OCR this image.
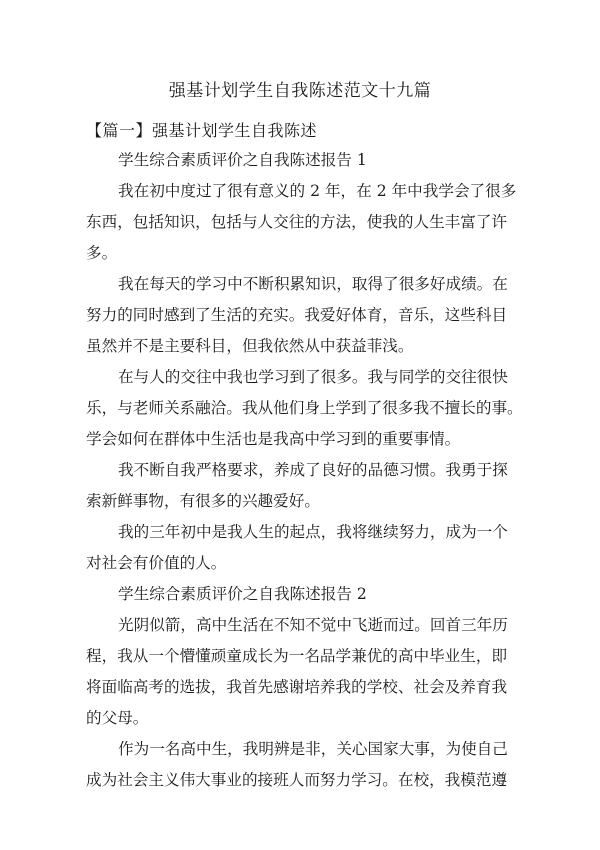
强基计划学生自我陈述范文十九篇
【篇一】强基计划学生自我陈述

学生综合素质评价之自我陈述报告 1

我在初中度过了很有意义的 2 年，在 2 年中我学会了很多

东西，包括知识，包括与人交往的方法，使我的人生丰富了许

多。

我在每天的学习中不断积累知识，取得了很多好成绩。在

努力的同时感到了生活的充实。我爱好体育，音乐，这些科目

虽然并不是主要科目，但我依然从中获益菲浅。

在与人的交往中我也学习到了很多。我与同学的交往很快

乐，与老师关系融洽。我从他们身上学到了很多我不擅长的事。

学会如何在群体中生活也是我高中学习到的重要事情。

我不断自我严格要求，养成了良好的品德习惯。我勇于探

索新鲜事物，有很多的兴趣爱好。

我的三年初中是我人生的起点，我将继续努力，成为一个

对社会有价值的人。

学生综合素质评价之自我陈述报告 2

光阴似箭，高中生活在不知不觉中飞逝而过。回首三年历

程，我从一个懵懂顽童成长为一名品学兼优的高中毕业生，即

将面临高考的选拔，我首先感谢培养我的学校、社会及养育我

的父母。

作为一名高中生，我明辨是非，关心国家大事，为使自己

成为社会主义伟大事业的接班人而努力学习。在校，我模范遵
